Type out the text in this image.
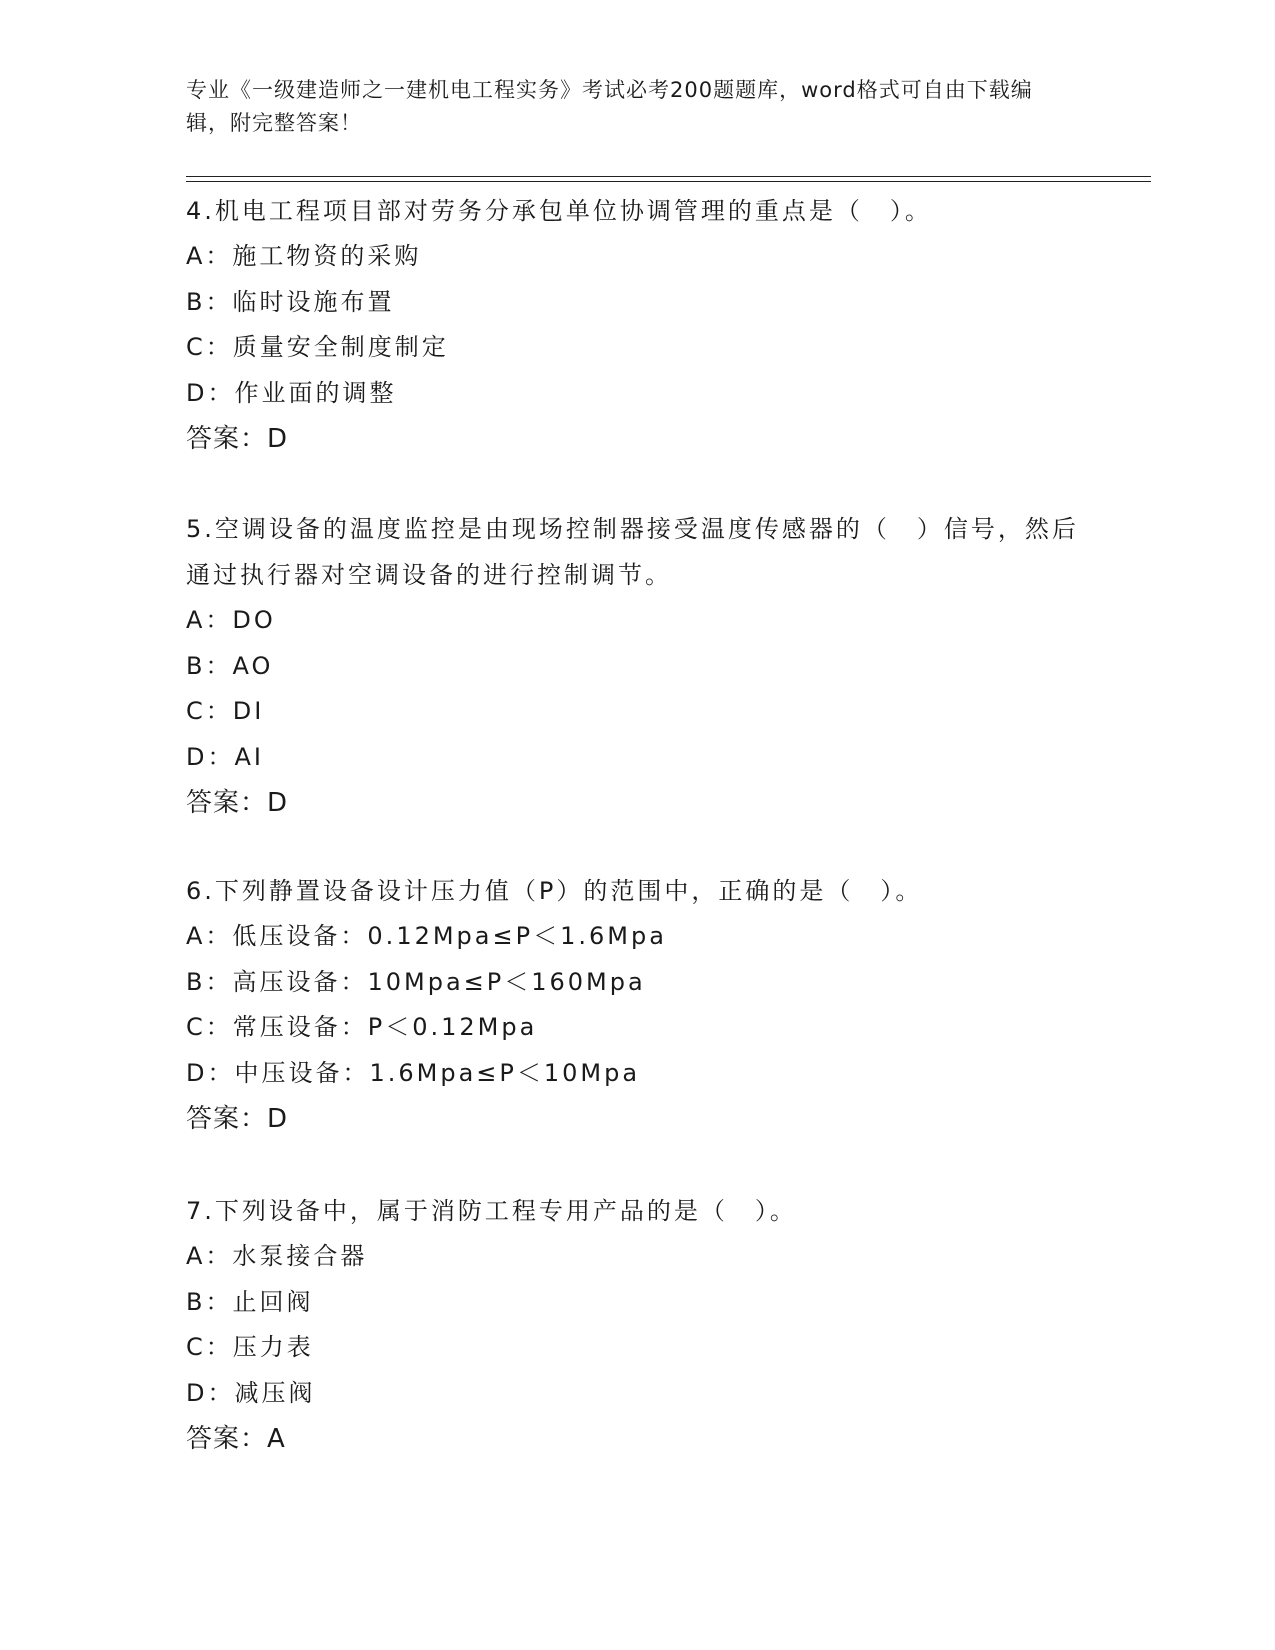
专业《一级建造师之一建机电工程实务》考试必考200题题库，word格式可自由下载编辑，附完整答案！

4.机电工程项目部对劳务分承包单位协调管理的重点是（　）。

A：施工物资的采购

B：临时设施布置

C：质量安全制度制定

D：作业面的调整

答案：D

5.空调设备的温度监控是由现场控制器接受温度传感器的（　）信号，然后通过执行器对空调设备的进行控制调节。

A：DO

B：AO

C：DI

D：AI

答案：D

6.下列静置设备设计压力值（P）的范围中，正确的是（　）。

A：低压设备：0.12Mpa≤P＜1.6Mpa

B：高压设备：10Mpa≤P＜160Mpa

C：常压设备：P＜0.12Mpa

D：中压设备：1.6Mpa≤P＜10Mpa

答案：D

7.下列设备中，属于消防工程专用产品的是（　）。

A：水泵接合器

B：止回阀

C：压力表

D：减压阀

答案：A
